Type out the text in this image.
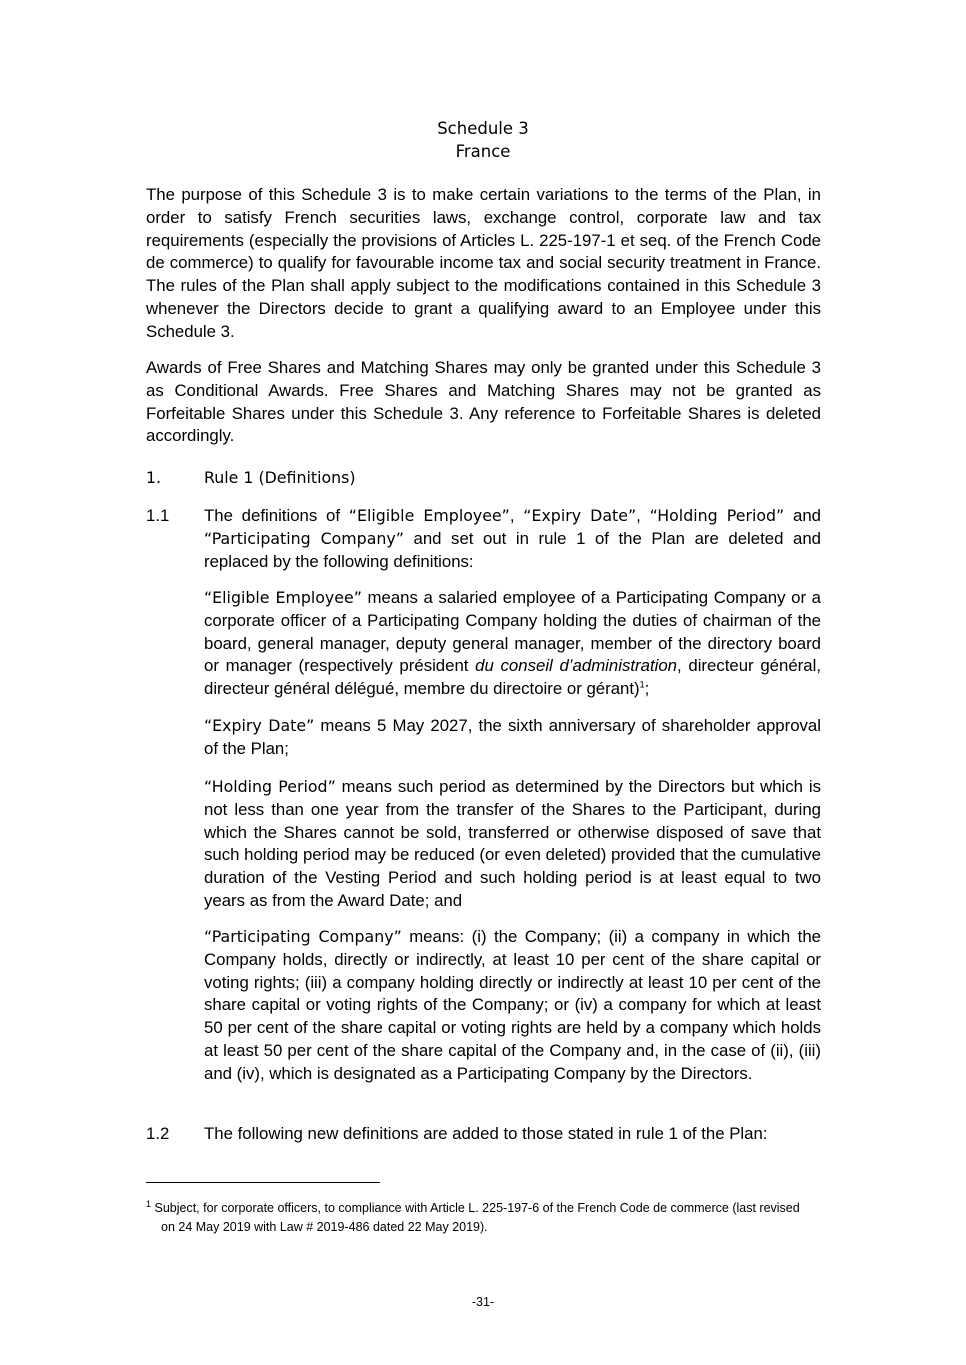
Schedule 3
France

The purpose of this Schedule 3 is to make certain variations to the terms of the Plan, in order to satisfy French securities laws, exchange control, corporate law and tax requirements (especially the provisions of Articles L. 225-197-1 et seq. of the French Code de commerce) to qualify for favourable income tax and social security treatment in France. The rules of the Plan shall apply subject to the modifications contained in this Schedule 3 whenever the Directors decide to grant a qualifying award to an Employee under this Schedule 3.

Awards of Free Shares and Matching Shares may only be granted under this Schedule 3 as Conditional Awards. Free Shares and Matching Shares may not be granted as Forfeitable Shares under this Schedule 3. Any reference to Forfeitable Shares is deleted accordingly.

1.	Rule 1 (Definitions)

1.1 The definitions of “Eligible Employee”, “Expiry Date”, “Holding Period” and “Participating Company” and set out in rule 1 of the Plan are deleted and replaced by the following definitions:

“Eligible Employee” means a salaried employee of a Participating Company or a corporate officer of a Participating Company holding the duties of chairman of the board, general manager, deputy general manager, member of the directory board or manager (respectively président du conseil d’administration, directeur général, directeur général délégué, membre du directoire or gérant)$^1$;

“Expiry Date” means 5 May 2027, the sixth anniversary of shareholder approval of the Plan;

“Holding Period” means such period as determined by the Directors but which is not less than one year from the transfer of the Shares to the Participant, during which the Shares cannot be sold, transferred or otherwise disposed of save that such holding period may be reduced (or even deleted) provided that the cumulative duration of the Vesting Period and such holding period is at least equal to two years as from the Award Date; and

“Participating Company” means: (i) the Company; (ii) a company in which the Company holds, directly or indirectly, at least 10 per cent of the share capital or voting rights; (iii) a company holding directly or indirectly at least 10 per cent of the share capital or voting rights of the Company; or (iv) a company for which at least 50 per cent of the share capital or voting rights are held by a company which holds at least 50 per cent of the share capital of the Company and, in the case of (ii), (iii) and (iv), which is designated as a Participating Company by the Directors.

1.2 The following new definitions are added to those stated in rule 1 of the Plan:

$^1$ Subject, for corporate officers, to compliance with Article L. 225-197-6 of the French Code de commerce (last revised
on 24 May 2019 with Law # 2019-486 dated 22 May 2019).

-31-
